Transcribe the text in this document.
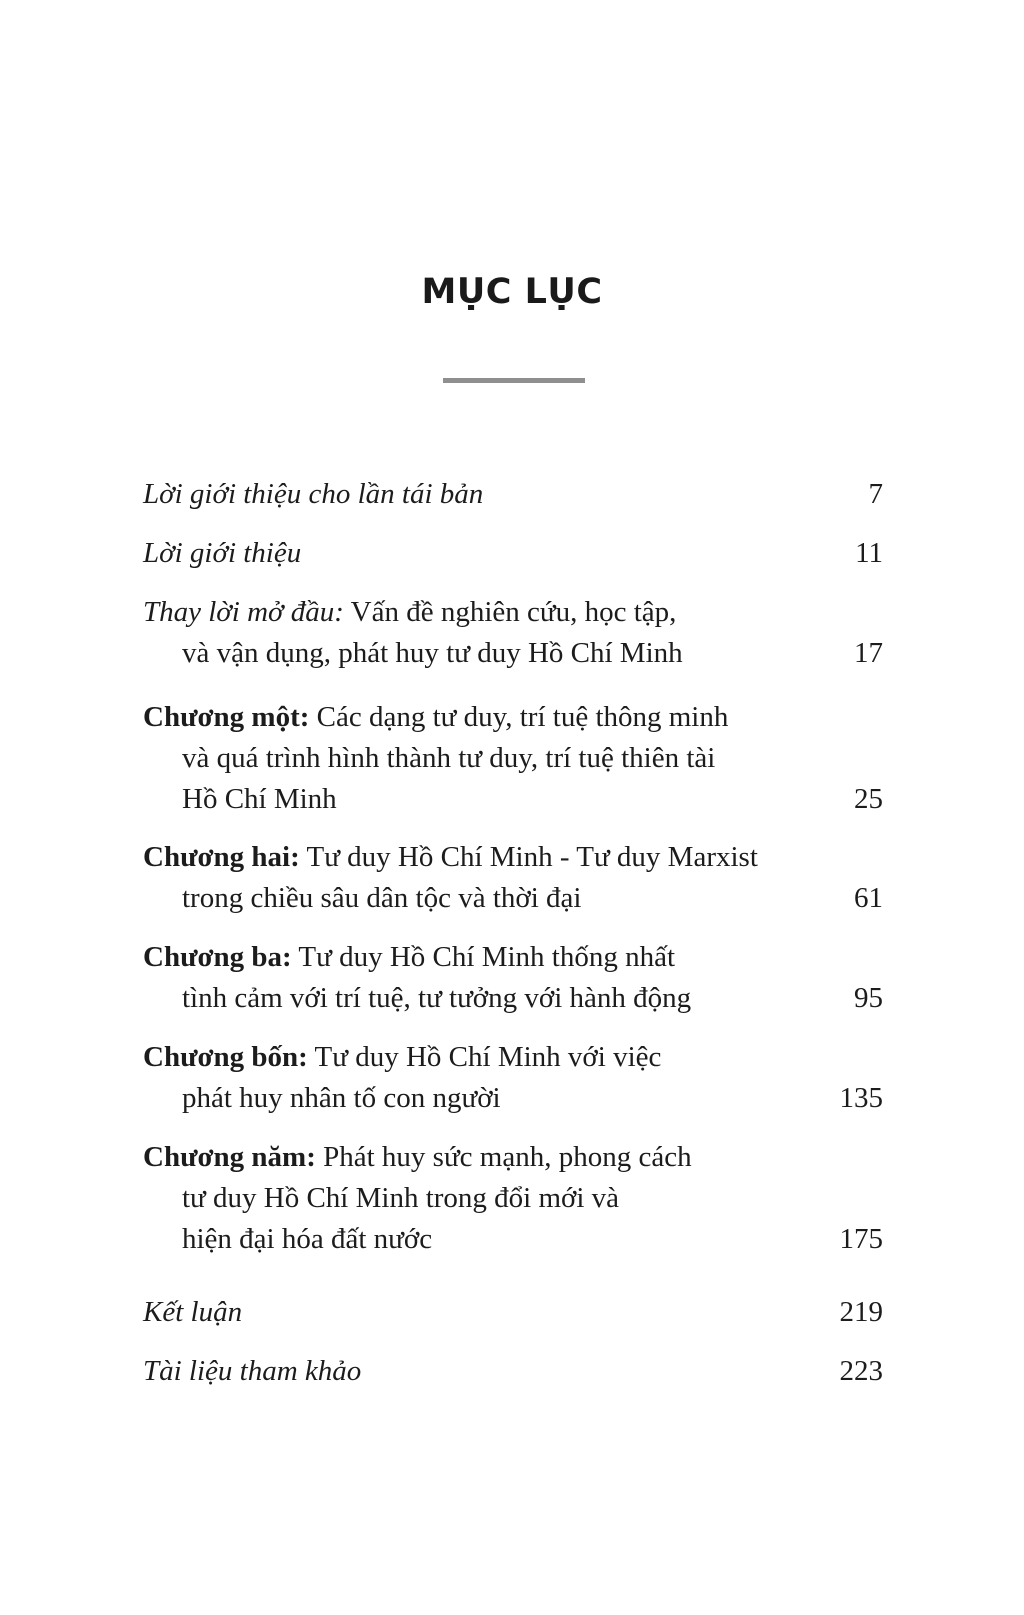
MỤC LỤC
Lời giới thiệu cho lần tái bản	7
Lời giới thiệu	11
Thay lời mở đầu: Vấn đề nghiên cứu, học tập,
và vận dụng, phát huy tư duy Hồ Chí Minh	17
Chương một: Các dạng tư duy, trí tuệ thông minh
và quá trình hình thành tư duy, trí tuệ thiên tài
Hồ Chí Minh	25
Chương hai: Tư duy Hồ Chí Minh - Tư duy Marxist
trong chiều sâu dân tộc và thời đại	61
Chương ba: Tư duy Hồ Chí Minh thống nhất
tình cảm với trí tuệ, tư tưởng với hành động	95
Chương bốn: Tư duy Hồ Chí Minh với việc
phát huy nhân tố con người	135
Chương năm: Phát huy sức mạnh, phong cách
tư duy Hồ Chí Minh trong đổi mới và
hiện đại hóa đất nước	175
Kết luận	219
Tài liệu tham khảo	223
